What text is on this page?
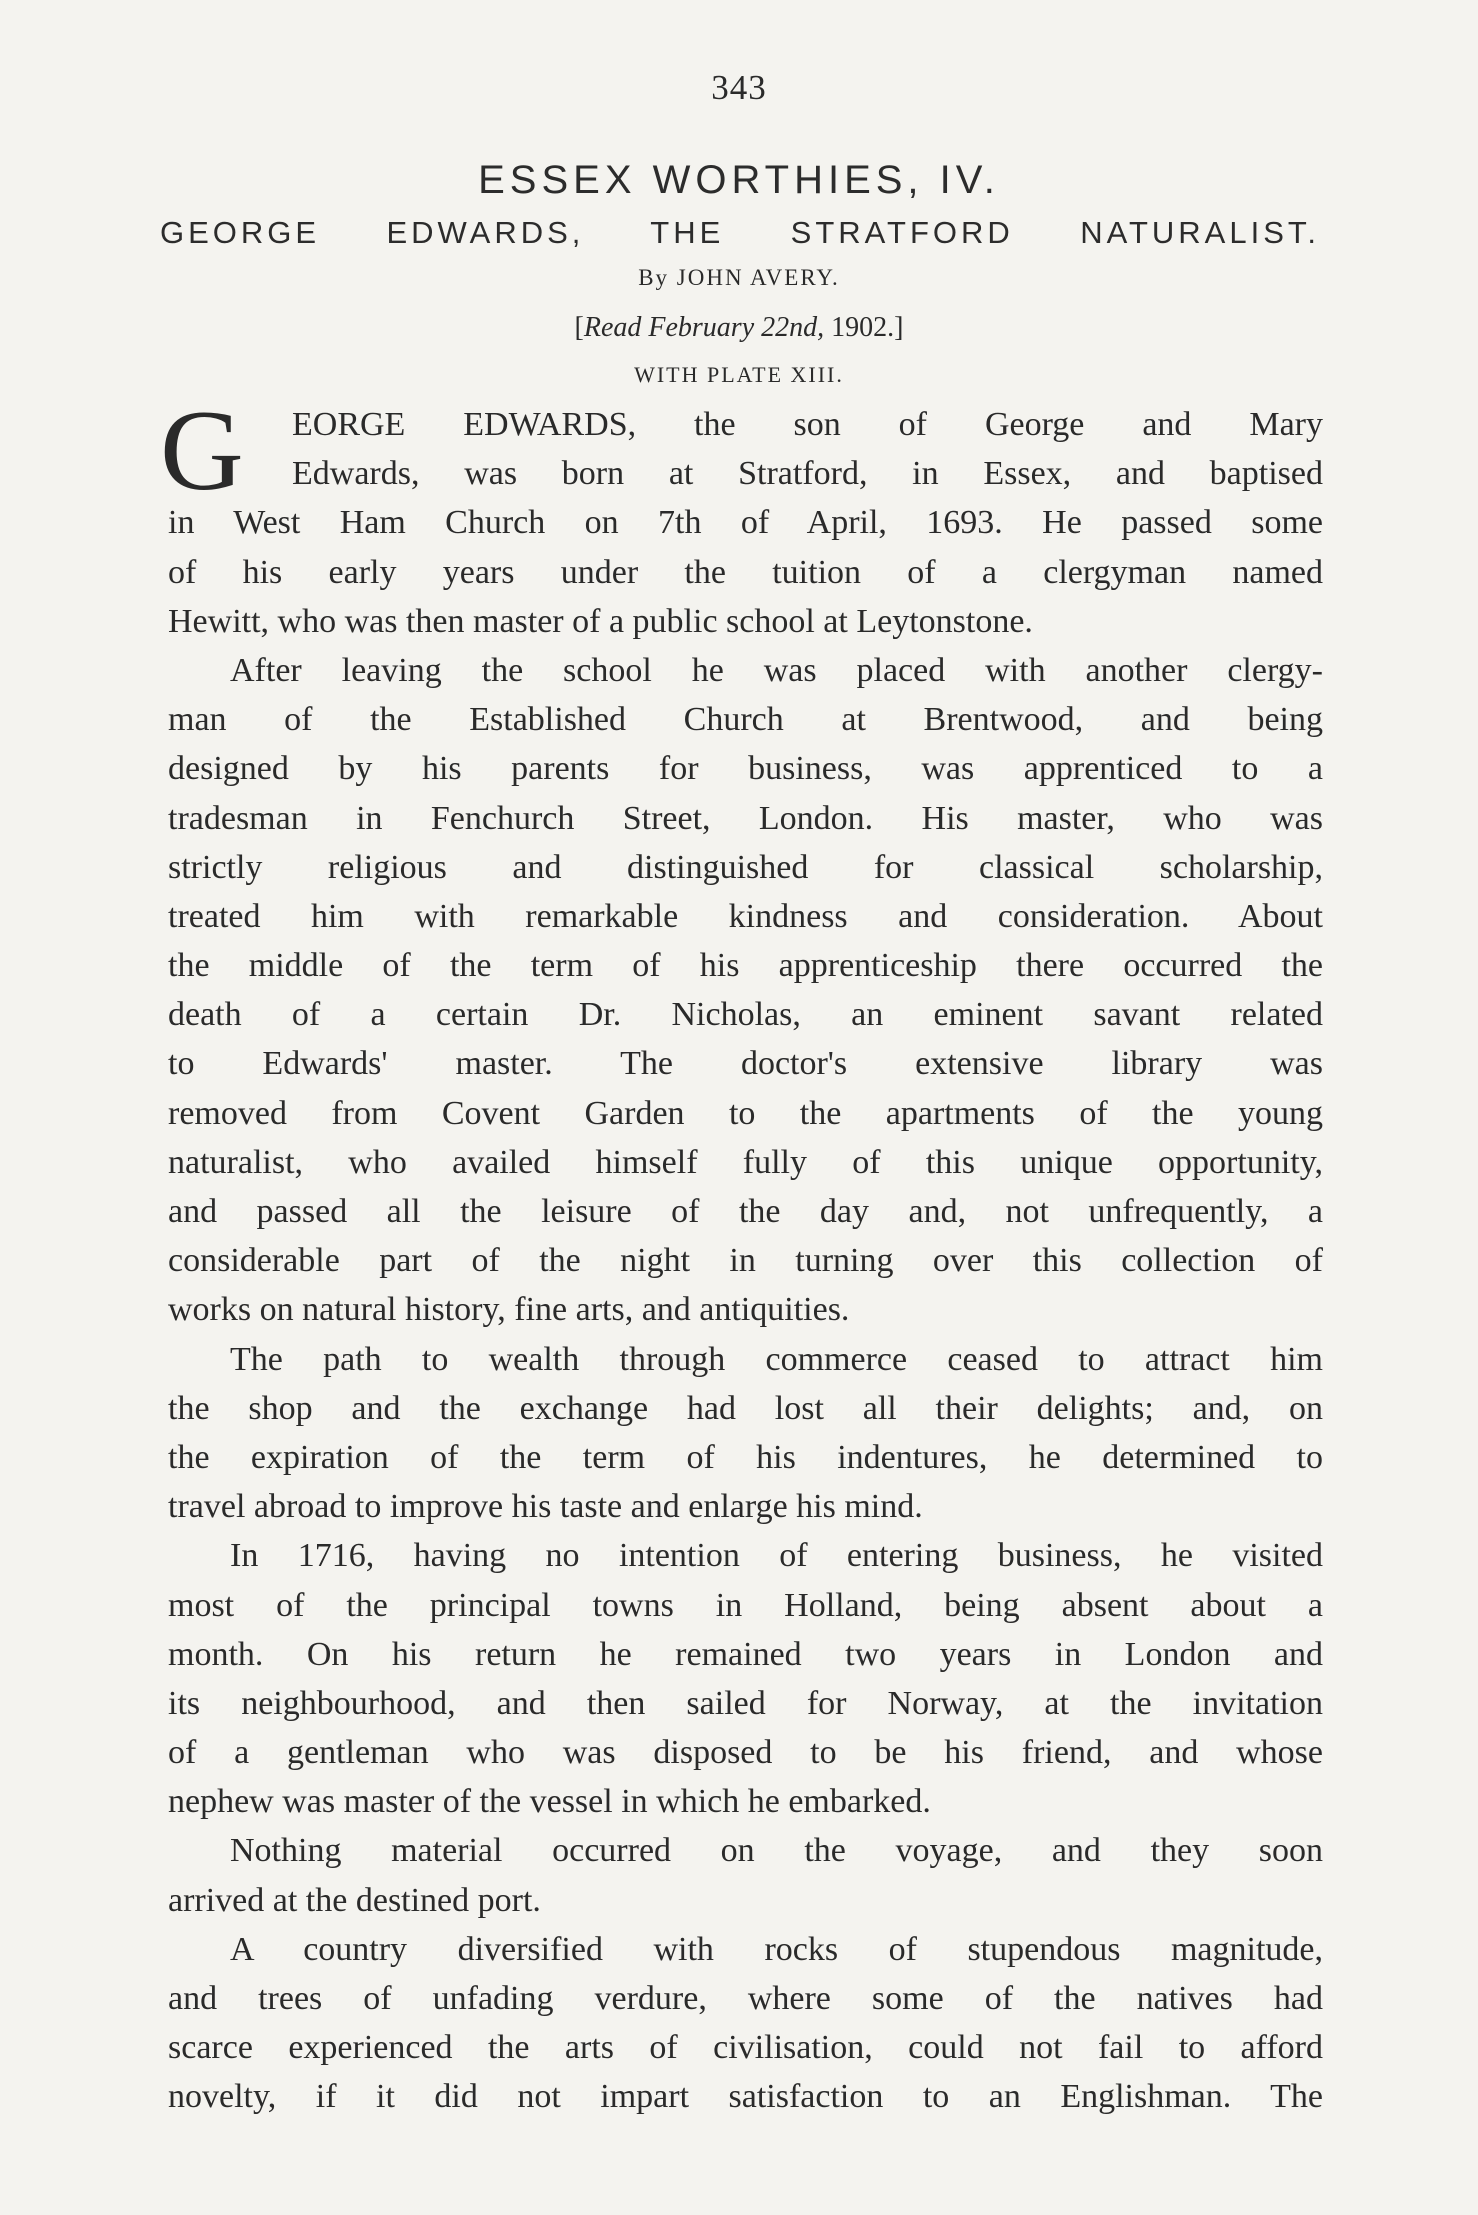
343
ESSEX WORTHIES, IV.
GEORGE EDWARDS, THE STRATFORD NATURALIST.
By JOHN AVERY.
[Read February 22nd, 1902.]
WITH PLATE XIII.
G	EORGE EDWARDS, the son of George and Mary
Edwards, was born at Stratford, in Essex, and baptised
in West Ham Church on 7th of April, 1693. He passed some
of his early years under the tuition of a clergyman named
Hewitt, who was then master of a public school at Leytonstone.
After leaving the school he was placed with another clergy-
man of the Established Church at Brentwood, and being
designed by his parents for business, was apprenticed to a
tradesman in Fenchurch Street, London. His master, who was
strictly religious and distinguished for classical scholarship,
treated him with remarkable kindness and consideration. About
the middle of the term of his apprenticeship there occurred the
death of a certain Dr. Nicholas, an eminent savant related
to Edwards' master. The doctor's extensive library was
removed from Covent Garden to the apartments of the young
naturalist, who availed himself fully of this unique opportunity,
and passed all the leisure of the day and, not unfrequently, a
considerable part of the night in turning over this collection of
works on natural history, fine arts, and antiquities.
The path to wealth through commerce ceased to attract him
the shop and the exchange had lost all their delights; and, on
the expiration of the term of his indentures, he determined to
travel abroad to improve his taste and enlarge his mind.
In 1716, having no intention of entering business, he visited
most of the principal towns in Holland, being absent about a
month. On his return he remained two years in London and
its neighbourhood, and then sailed for Norway, at the invitation
of a gentleman who was disposed to be his friend, and whose
nephew was master of the vessel in which he embarked.
Nothing material occurred on the voyage, and they soon
arrived at the destined port.
A country diversified with rocks of stupendous magnitude,
and trees of unfading verdure, where some of the natives had
scarce experienced the arts of civilisation, could not fail to afford
novelty, if it did not impart satisfaction to an Englishman. The
